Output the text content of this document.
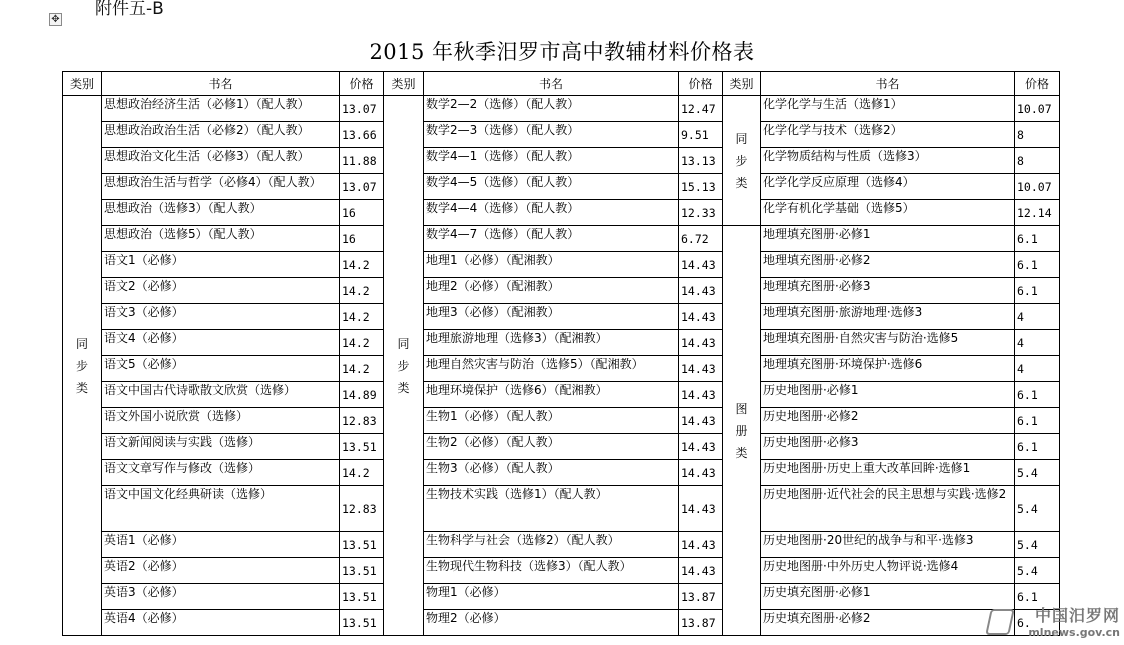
✥
附件五-B
2015 年秋季汨罗市高中教辅材料价格表
类别	书名	价格
同步类	思想政治经济生活（必修1）（配人教）	13.07
	思想政治政治生活（必修2）（配人教）	13.66
	思想政治文化生活（必修3）（配人教）	11.88
	思想政治生活与哲学（必修4）（配人教）	13.07
	思想政治（选修3）（配人教）	16
	思想政治（选修5）（配人教）	16
	语文1（必修）	14.2
	语文2（必修）	14.2
	语文3（必修）	14.2
	语文4（必修）	14.2
	语文5（必修）	14.2
	语文中国古代诗歌散文欣赏（选修）	14.89
	语文外国小说欣赏（选修）	12.83
	语文新闻阅读与实践（选修）	13.51
	语文文章写作与修改（选修）	14.2
	语文中国文化经典研读（选修）	12.83
	英语1（必修）	13.51
	英语2（必修）	13.51
	英语3（必修）	13.51
	英语4（必修）	13.51
类别	书名	价格
同步类	数学2—2（选修）（配人教）	12.47
	数学2—3（选修）（配人教）	9.51
	数学4—1（选修）（配人教）	13.13
	数学4—5（选修）（配人教）	15.13
	数学4—4（选修）（配人教）	12.33
	数学4—7（选修）（配人教）	6.72
	地理1（必修）（配湘教）	14.43
	地理2（必修）（配湘教）	14.43
	地理3（必修）（配湘教）	14.43
	地理旅游地理（选修3）（配湘教）	14.43
	地理自然灾害与防治（选修5）（配湘教）	14.43
	地理环境保护（选修6）（配湘教）	14.43
	生物1（必修）（配人教）	14.43
	生物2（必修）（配人教）	14.43
	生物3（必修）（配人教）	14.43
	生物技术实践（选修1）（配人教）	14.43
	生物科学与社会（选修2）（配人教）	14.43
	生物现代生物科技（选修3）（配人教）	14.43
	物理1（必修）	13.87
	物理2（必修）	13.87
类别	书名	价格
同步类	化学化学与生活（选修1）	10.07
	化学化学与技术（选修2）	8
	化学物质结构与性质（选修3）	8
	化学化学反应原理（选修4）	10.07
	化学有机化学基础（选修5）	12.14
图册类	地理填充图册·必修1	6.1
	地理填充图册·必修2	6.1
	地理填充图册·必修3	6.1
	地理填充图册·旅游地理·选修3	4
	地理填充图册·自然灾害与防治·选修5	4
	地理填充图册·环境保护·选修6	4
	历史地图册·必修1	6.1
	历史地图册·必修2	6.1
	历史地图册·必修3	6.1
	历史地图册·历史上重大改革回眸·选修1	5.4
	历史地图册·近代社会的民主思想与实践·选修2	5.4
	历史地图册·20世纪的战争与和平·选修3	5.4
	历史地图册·中外历史人物评说·选修4	5.4
	历史填充图册·必修1	6.1
	历史填充图册·必修2	6. 中国汨罗网
mlnews.gov.cn
